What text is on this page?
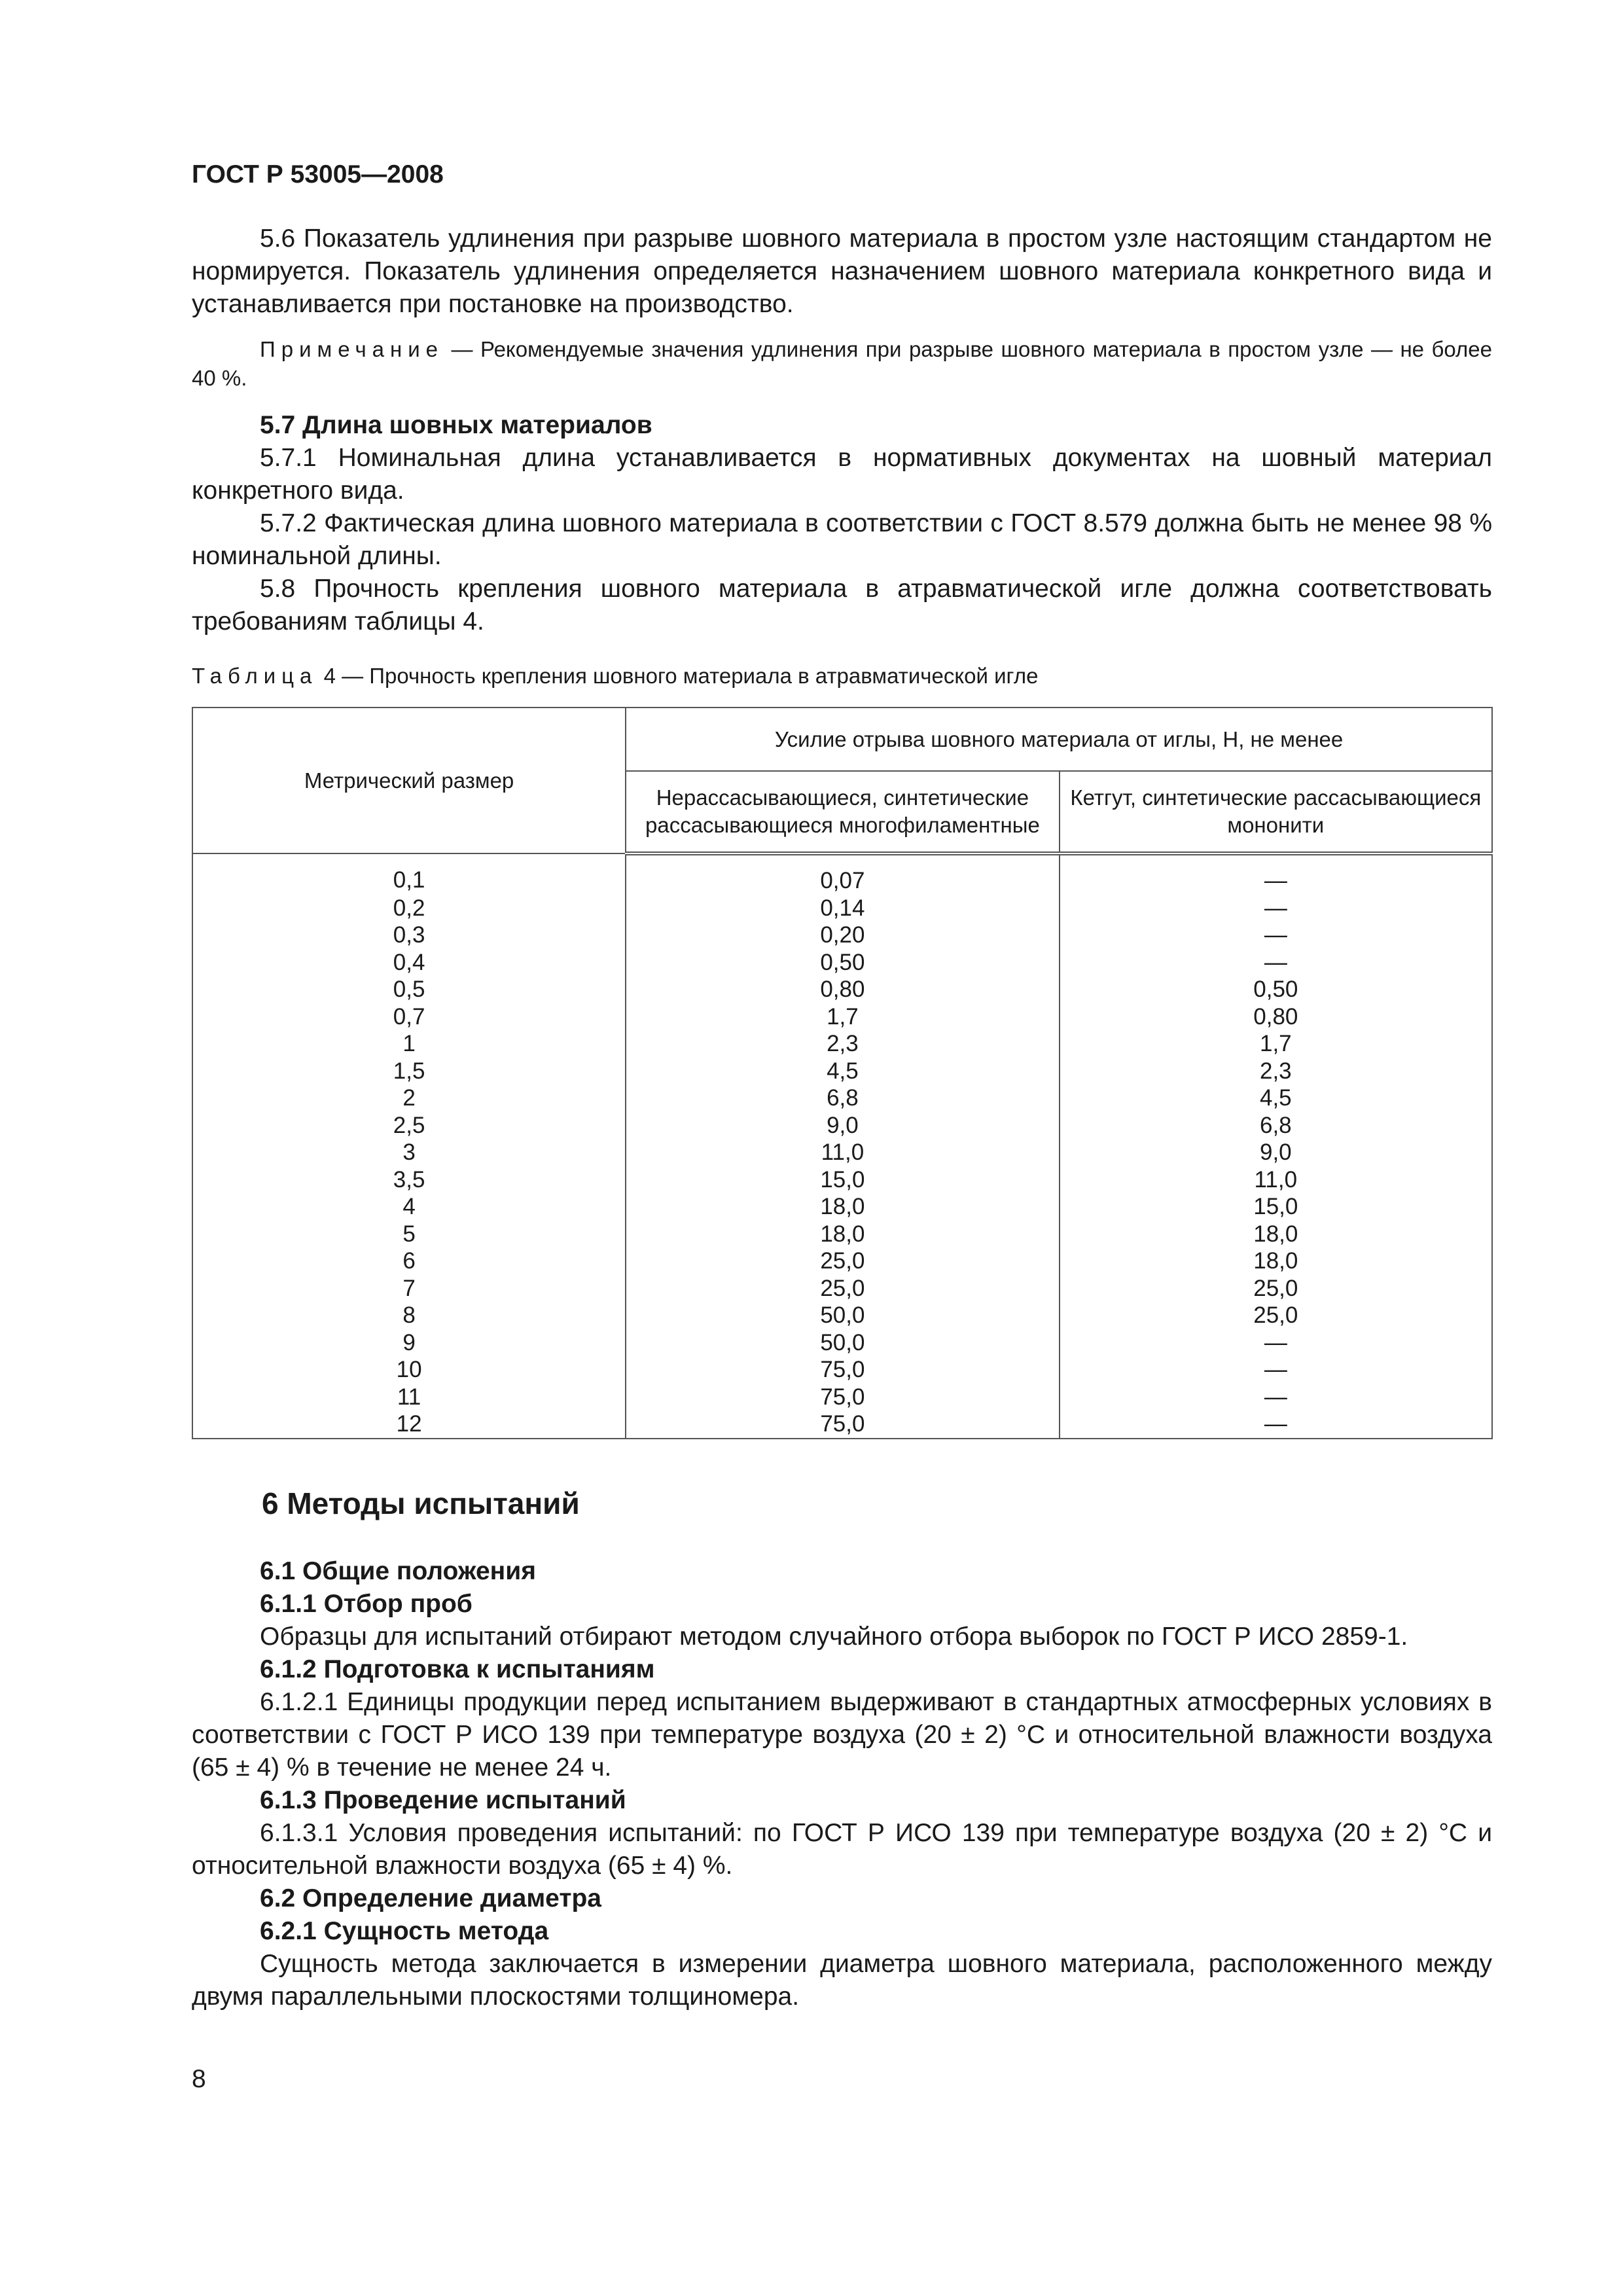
ГОСТ Р 53005—2008

5.6 Показатель удлинения при разрыве шовного материала в простом узле настоящим стандартом не нормируется. Показатель удлинения определяется назначением шовного материала конкретного вида и устанавливается при постановке на производство.

Примечание — Рекомендуемые значения удлинения при разрыве шовного материала в простом узле — не более 40 %.

5.7 Длина шовных материалов

5.7.1 Номинальная длина устанавливается в нормативных документах на шовный материал конкретного вида.

5.7.2 Фактическая длина шовного материала в соответствии с ГОСТ 8.579 должна быть не менее 98 % номинальной длины.

5.8 Прочность крепления шовного материала в атравматической игле должна соответствовать требованиям таблицы 4.

Таблица 4 — Прочность крепления шовного материала в атравматической игле
Метрический размер	Усилие отрыва шовного материала от иглы, Н, не менее	
	Нерассасывающиеся, синтетические рассасывающиеся многофиламентные	Кетгут, синтетические рассасывающиеся мононити
0,1	0,07	—
0,2	0,14	—
0,3	0,20	—
0,4	0,50	—
0,5	0,80	0,50
0,7	1,7	0,80
1	2,3	1,7
1,5	4,5	2,3
2	6,8	4,5
2,5	9,0	6,8
3	11,0	9,0
3,5	15,0	11,0
4	18,0	15,0
5	18,0	18,0
6	25,0	18,0
7	25,0	25,0
8	50,0	25,0
9	50,0	—
10	75,0	—
11	75,0	—
12	75,0	—
6 Методы испытаний
6.1 Общие положения
6.1.1 Отбор проб
Образцы для испытаний отбирают методом случайного отбора выборок по ГОСТ Р ИСО 2859-1.
6.1.2 Подготовка к испытаниям

6.1.2.1 Единицы продукции перед испытанием выдерживают в стандартных атмосферных условиях в соответствии с ГОСТ Р ИСО 139 при температуре воздуха (20 ± 2) °С и относительной влажности воздуха (65 ± 4) % в течение не менее 24 ч.

6.1.3 Проведение испытаний

6.1.3.1 Условия проведения испытаний: по ГОСТ Р ИСО 139 при температуре воздуха (20 ± 2) °С и относительной влажности воздуха (65 ± 4) %.

6.2 Определение диаметра
6.2.1 Сущность метода

Сущность метода заключается в измерении диаметра шовного материала, расположенного между двумя параллельными плоскостями толщиномера.

8
